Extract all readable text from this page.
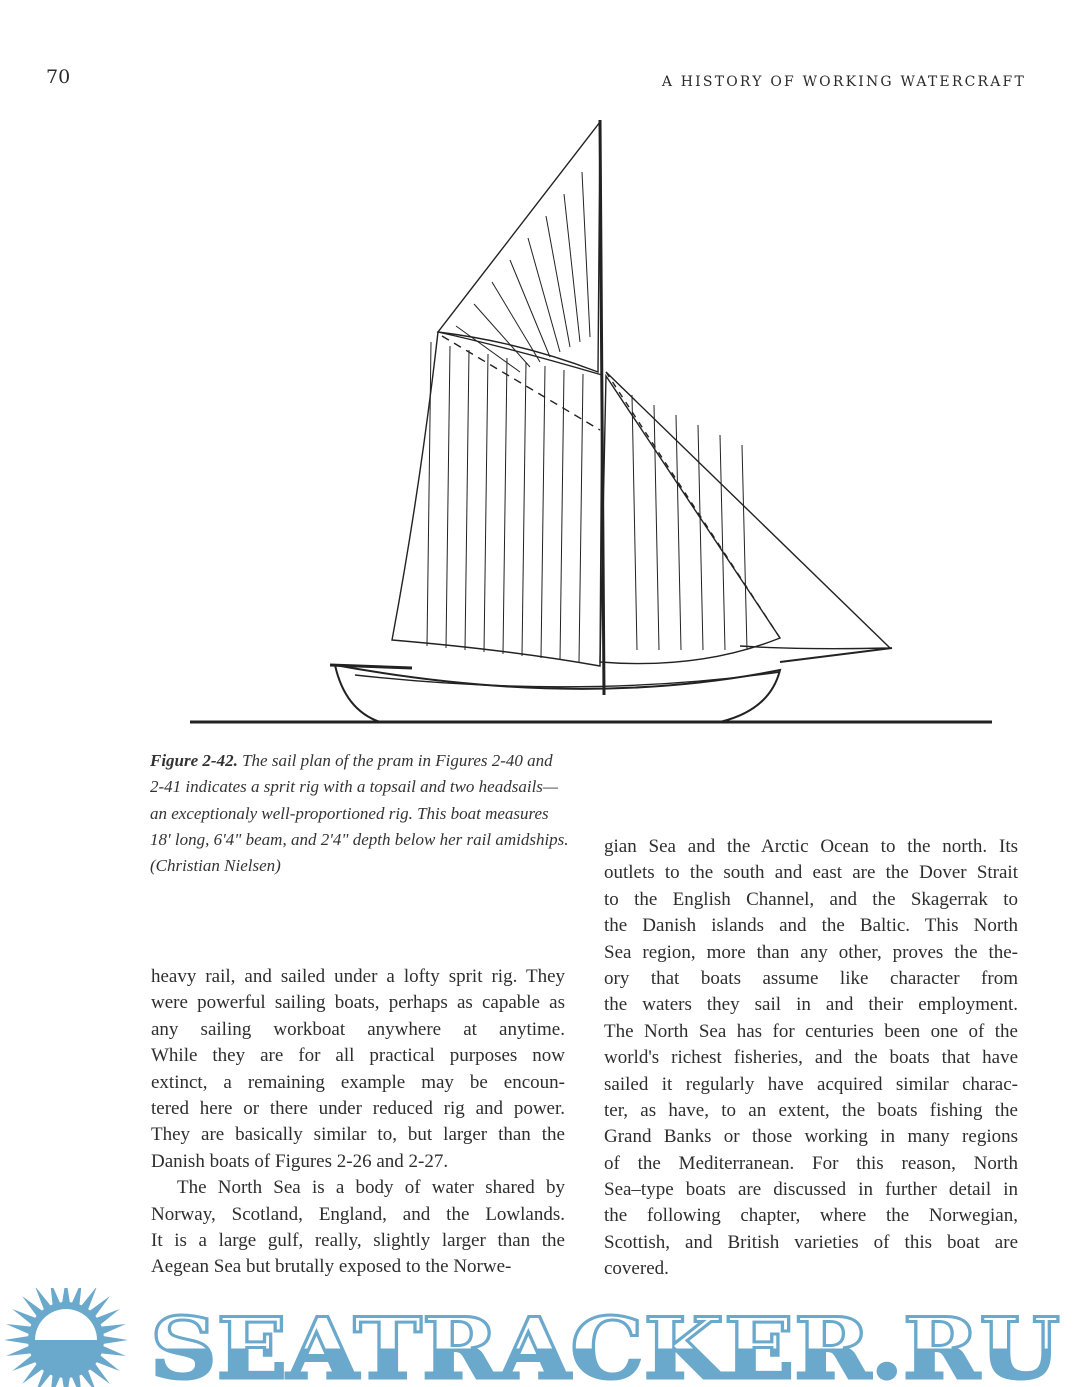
70	A HISTORY OF WORKING WATERCRAFT
Figure 2-42. The sail plan of the pram in Figures 2-40 and 2-41 indicates a sprit rig with a topsail and two headsails—an exceptionaly well-proportioned rig. This boat measures 18' long, 6'4" beam, and 2'4" depth below her rail amidships. (Christian Nielsen)
heavy rail, and sailed under a lofty sprit rig. They
were powerful sailing boats, perhaps as capable as
any sailing workboat anywhere at anytime.
While they are for all practical purposes now
extinct, a remaining example may be encoun-
tered here or there under reduced rig and power.
They are basically similar to, but larger than the
Danish boats of Figures 2-26 and 2-27.
The North Sea is a body of water shared by
Norway, Scotland, England, and the Lowlands.
It is a large gulf, really, slightly larger than the
Aegean Sea but brutally exposed to the Norwe-
gian Sea and the Arctic Ocean to the north. Its
outlets to the south and east are the Dover Strait
to the English Channel, and the Skagerrak to
the Danish islands and the Baltic. This North
Sea region, more than any other, proves the the-
ory that boats assume like character from
the waters they sail in and their employment.
The North Sea has for centuries been one of the
world's richest fisheries, and the boats that have
sailed it regularly have acquired similar charac-
ter, as have, to an extent, the boats fishing the
Grand Banks or those working in many regions
of the Mediterranean. For this reason, North
Sea–type boats are discussed in further detail in
the following chapter, where the Norwegian,
Scottish, and British varieties of this boat are
covered.
SEATRACKER.RU
